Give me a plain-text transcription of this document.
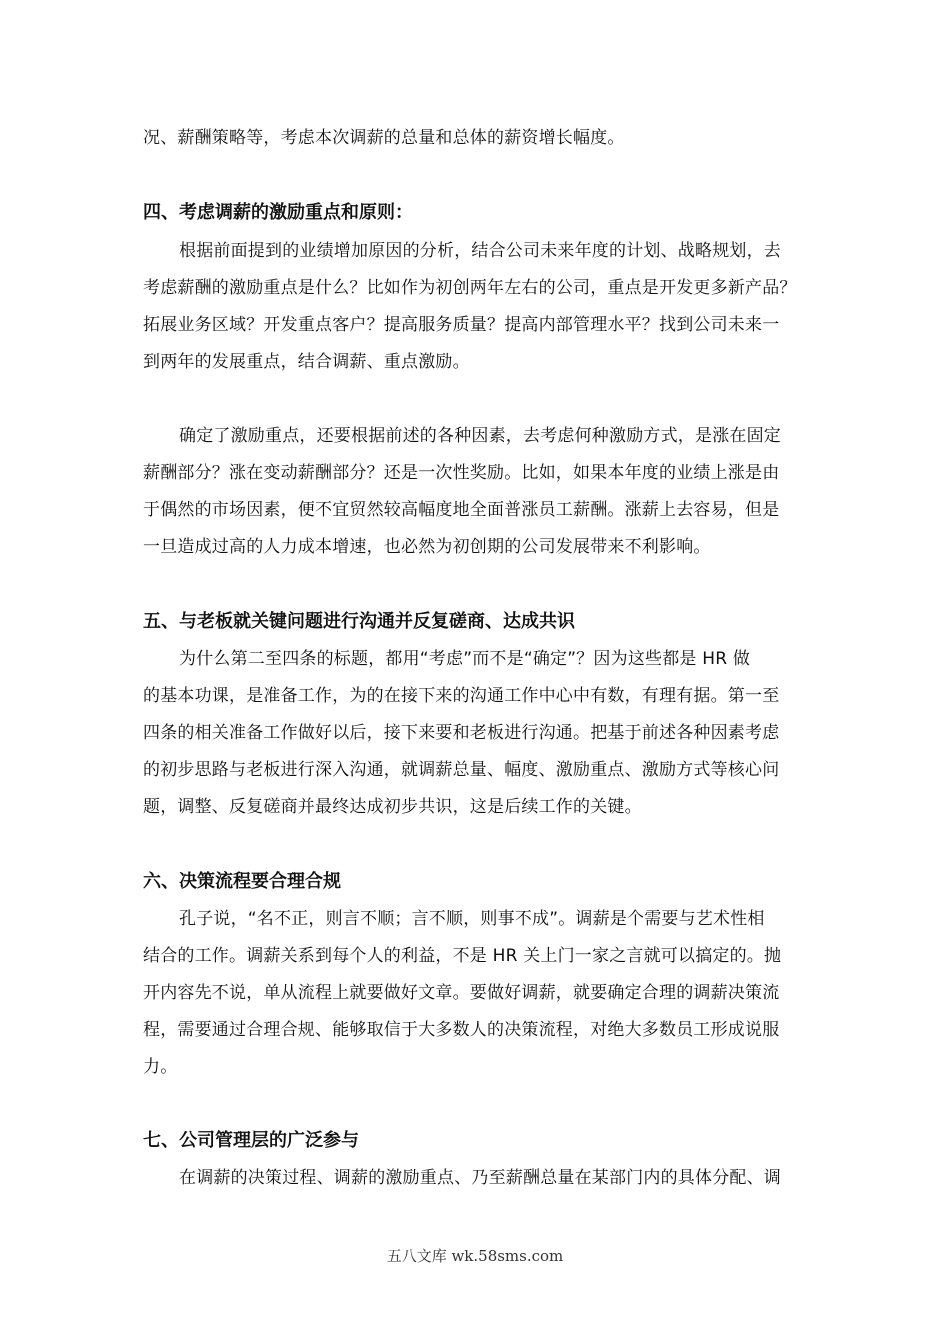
况、薪酬策略等，考虑本次调薪的总量和总体的薪资增长幅度。
四、考虑调薪的激励重点和原则：
根据前面提到的业绩增加原因的分析，结合公司未来年度的计划、战略规划，去
考虑薪酬的激励重点是什么？比如作为初创两年左右的公司，重点是开发更多新产品？
拓展业务区域？开发重点客户？提高服务质量？提高内部管理水平？找到公司未来一
到两年的发展重点，结合调薪、重点激励。
确定了激励重点，还要根据前述的各种因素，去考虑何种激励方式，是涨在固定
薪酬部分？涨在变动薪酬部分？还是一次性奖励。比如，如果本年度的业绩上涨是由
于偶然的市场因素，便不宜贸然较高幅度地全面普涨员工薪酬。涨薪上去容易，但是
一旦造成过高的人力成本增速，也必然为初创期的公司发展带来不利影响。
五、与老板就关键问题进行沟通并反复磋商、达成共识
为什么第二至四条的标题，都用“考虑”而不是“确定”？因为这些都是 HR 做
的基本功课，是准备工作，为的在接下来的沟通工作中心中有数，有理有据。第一至
四条的相关准备工作做好以后，接下来要和老板进行沟通。把基于前述各种因素考虑
的初步思路与老板进行深入沟通，就调薪总量、幅度、激励重点、激励方式等核心问
题，调整、反复磋商并最终达成初步共识，这是后续工作的关键。
六、决策流程要合理合规
孔子说，“名不正，则言不顺；言不顺，则事不成”。调薪是个需要与艺术性相
结合的工作。调薪关系到每个人的利益，不是 HR 关上门一家之言就可以搞定的。抛
开内容先不说，单从流程上就要做好文章。要做好调薪，就要确定合理的调薪决策流
程，需要通过合理合规、能够取信于大多数人的决策流程，对绝大多数员工形成说服
力。
七、公司管理层的广泛参与
在调薪的决策过程、调薪的激励重点、乃至薪酬总量在某部门内的具体分配、调
五八文库 wk.58sms.com
